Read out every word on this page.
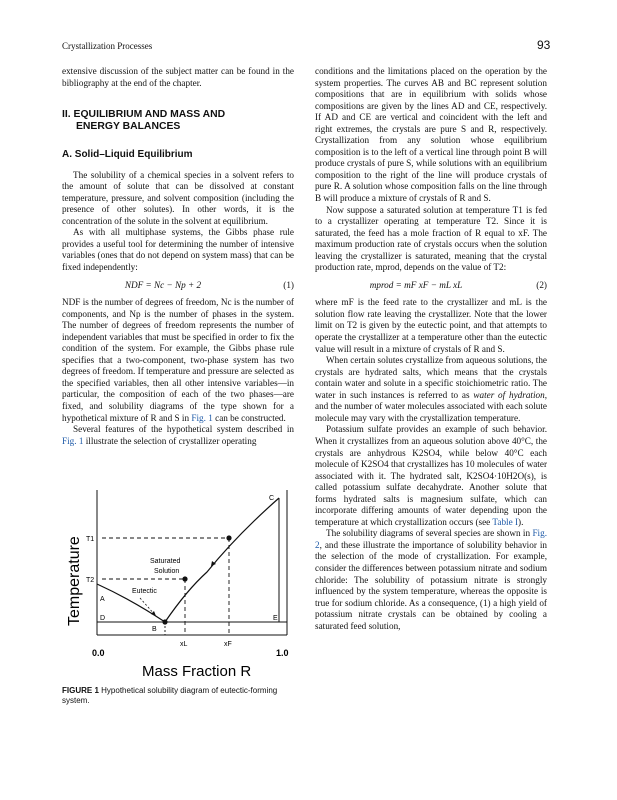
Crystallization Processes	93

extensive discussion of the subject matter can be found in the bibliography at the end of the chapter.

II. EQUILIBRIUM AND MASS AND
ENERGY BALANCES
A. Solid–Liquid Equilibrium

The solubility of a chemical species in a solvent refers to the amount of solute that can be dissolved at constant temperature, pressure, and solvent composition (including the presence of other solutes). In other words, it is the concentration of the solute in the solvent at equilibrium.

As with all multiphase systems, the Gibbs phase rule provides a useful tool for determining the number of intensive variables (ones that do not depend on system mass) that can be fixed independently:

NDF = Nc − Np + 2	(1)

NDF is the number of degrees of freedom, Nc is the number of components, and Np is the number of phases in the system. The number of degrees of freedom represents the number of independent variables that must be specified in order to fix the condition of the system. For example, the Gibbs phase rule specifies that a two-component, two-phase system has two degrees of freedom. If temperature and pressure are selected as the specified variables, then all other intensive variables—in particular, the composition of each of the two phases—are fixed, and solubility diagrams of the type shown for a hypothetical mixture of R and S in Fig. 1 can be constructed.

Several features of the hypothetical system described in Fig. 1 illustrate the selection of crystallizer operating

C
A
B
D	E
T1
T2
Saturated
Solution
Eutectic
xL	xF
0.0	1.0
Mass Fraction R
Temperature
FIGURE 1 Hypothetical solubility diagram of eutectic-forming system.

conditions and the limitations placed on the operation by the system properties. The curves AB and BC represent solution compositions that are in equilibrium with solids whose compositions are given by the lines AD and CE, respectively. If AD and CE are vertical and coincident with the left and right extremes, the crystals are pure S and R, respectively. Crystallization from any solution whose equilibrium composition is to the left of a vertical line through point B will produce crystals of pure S, while solutions with an equilibrium composition to the right of the line will produce crystals of pure R. A solution whose composition falls on the line through B will produce a mixture of crystals of R and S.

Now suppose a saturated solution at temperature T1 is fed to a crystallizer operating at temperature T2. Since it is saturated, the feed has a mole fraction of R equal to xF. The maximum production rate of crystals occurs when the solution leaving the crystallizer is saturated, meaning that the crystal production rate, mprod, depends on the value of T2:

mprod = mF xF − mL xL	(2)

where mF is the feed rate to the crystallizer and mL is the solution flow rate leaving the crystallizer. Note that the lower limit on T2 is given by the eutectic point, and that attempts to operate the crystallizer at a temperature other than the eutectic value will result in a mixture of crystals of R and S.

When certain solutes crystallize from aqueous solutions, the crystals are hydrated salts, which means that the crystals contain water and solute in a specific stoichiometric ratio. The water in such instances is referred to as water of hydration, and the number of water molecules associated with each solute molecule may vary with the crystallization temperature.

Potassium sulfate provides an example of such behavior. When it crystallizes from an aqueous solution above 40°C, the crystals are anhydrous K2SO4, while below 40°C each molecule of K2SO4 that crystallizes has 10 molecules of water associated with it. The hydrated salt, K2SO4·10H2O(s), is called potassium sulfate decahydrate. Another solute that forms hydrated salts is magnesium sulfate, which can incorporate differing amounts of water depending upon the temperature at which crystallization occurs (see Table I).

The solubility diagrams of several species are shown in Fig. 2, and these illustrate the importance of solubility behavior in the selection of the mode of crystallization. For example, consider the differences between potassium nitrate and sodium chloride: The solubility of potassium nitrate is strongly influenced by the system temperature, whereas the opposite is true for sodium chloride. As a consequence, (1) a high yield of potassium nitrate crystals can be obtained by cooling a saturated feed solution,
